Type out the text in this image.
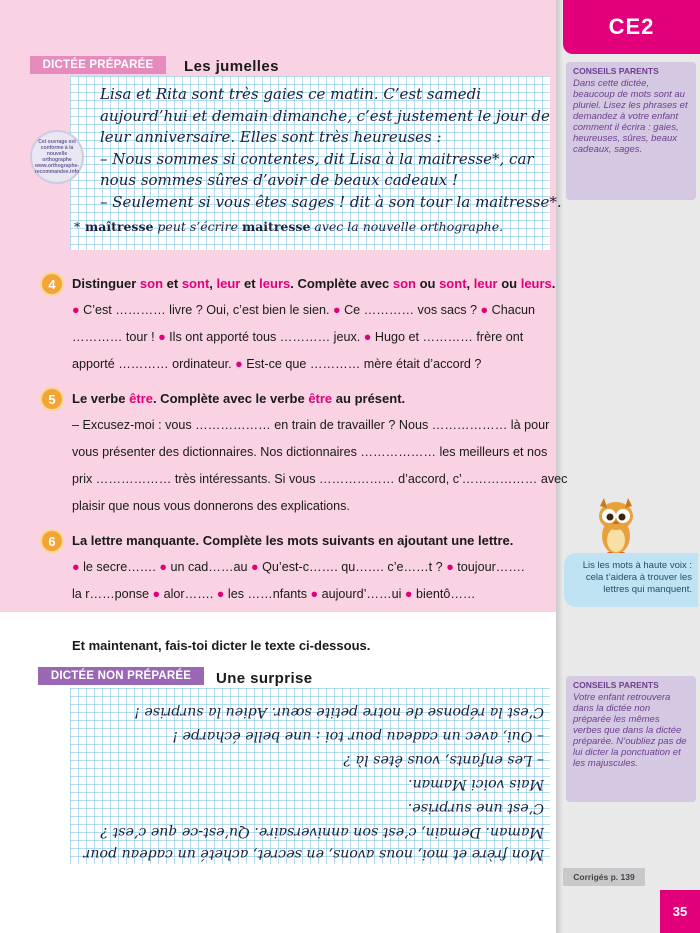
CE2
DICTÉE PRÉPARÉE	Les jumelles
Lisa et Rita sont très gaies ce matin. C’est samedi
aujourd’hui et demain dimanche, c’est justement le jour de
leur anniversaire. Elles sont très heureuses :
– Nous sommes si contentes, dit Lisa à la maitresse*, car
nous sommes sûres d’avoir de beaux cadeaux !
– Seulement si vous êtes sages ! dit à son tour la maitresse*.
* maîtresse peut s’écrire maitresse avec la nouvelle orthographe.
Cet ouvrage est conforme à la nouvelle orthographe
www.orthographe-recommandee.info
CONSEILS PARENTS
Dans cette dictée, beaucoup de mots sont au pluriel. Lisez les phrases et demandez à votre enfant comment il écrira : gaies, heureuses, sûres, beaux cadeaux, sages.
4	Distinguer son et sont, leur et leurs. Complète avec son ou sont, leur ou leurs.
● C’est ………… livre ? Oui, c’est bien le sien. ● Ce ………… vos sacs ? ● Chacun
………… tour ! ● Ils ont apporté tous ………… jeux. ● Hugo et ………… frère ont
apporté ………… ordinateur. ● Est-ce que ………… mère était d’accord ?
5	Le verbe être. Complète avec le verbe être au présent.
– Excusez-moi : vous ……………… en train de travailler ? Nous ……………… là pour
vous présenter des dictionnaires. Nos dictionnaires ……………… les meilleurs et nos
prix ……………… très intéressants. Si vous ……………… d’accord, c’……………… avec
plaisir que nous vous donnerons des explications.
6	La lettre manquante. Complète les mots suivants en ajoutant une lettre.
● le secre……. ● un cad……au ● Qu’est-c……. qu……. c’e……t ? ● toujour…….
la r……ponse ● alor……. ● les ……nfants ● aujourd’……ui ● bientô……
Lis les mots à haute voix : cela t’aidera à trouver les lettres qui manquent.
Et maintenant, fais-toi dicter le texte ci-dessous.
DICTÉE NON PRÉPARÉE	Une surprise
Mon frère et moi, nous avons, en secret, acheté un cadeau pour
Maman. Demain, c’est son anniversaire. Qu’est-ce que c’est ?
C’est une surprise.
Mais voici Maman.
– Les enfants, vous êtes là ?
– Oui, avec un cadeau pour toi : une belle écharpe !
C’est la réponse de notre petite sœur. Adieu la surprise !
CONSEILS PARENTS
Votre enfant retrouvera dans la dictée non préparée les mêmes verbes que dans la dictée préparée. N’oubliez pas de lui dicter la ponctuation et les majuscules.
Corrigés p. 139
35
